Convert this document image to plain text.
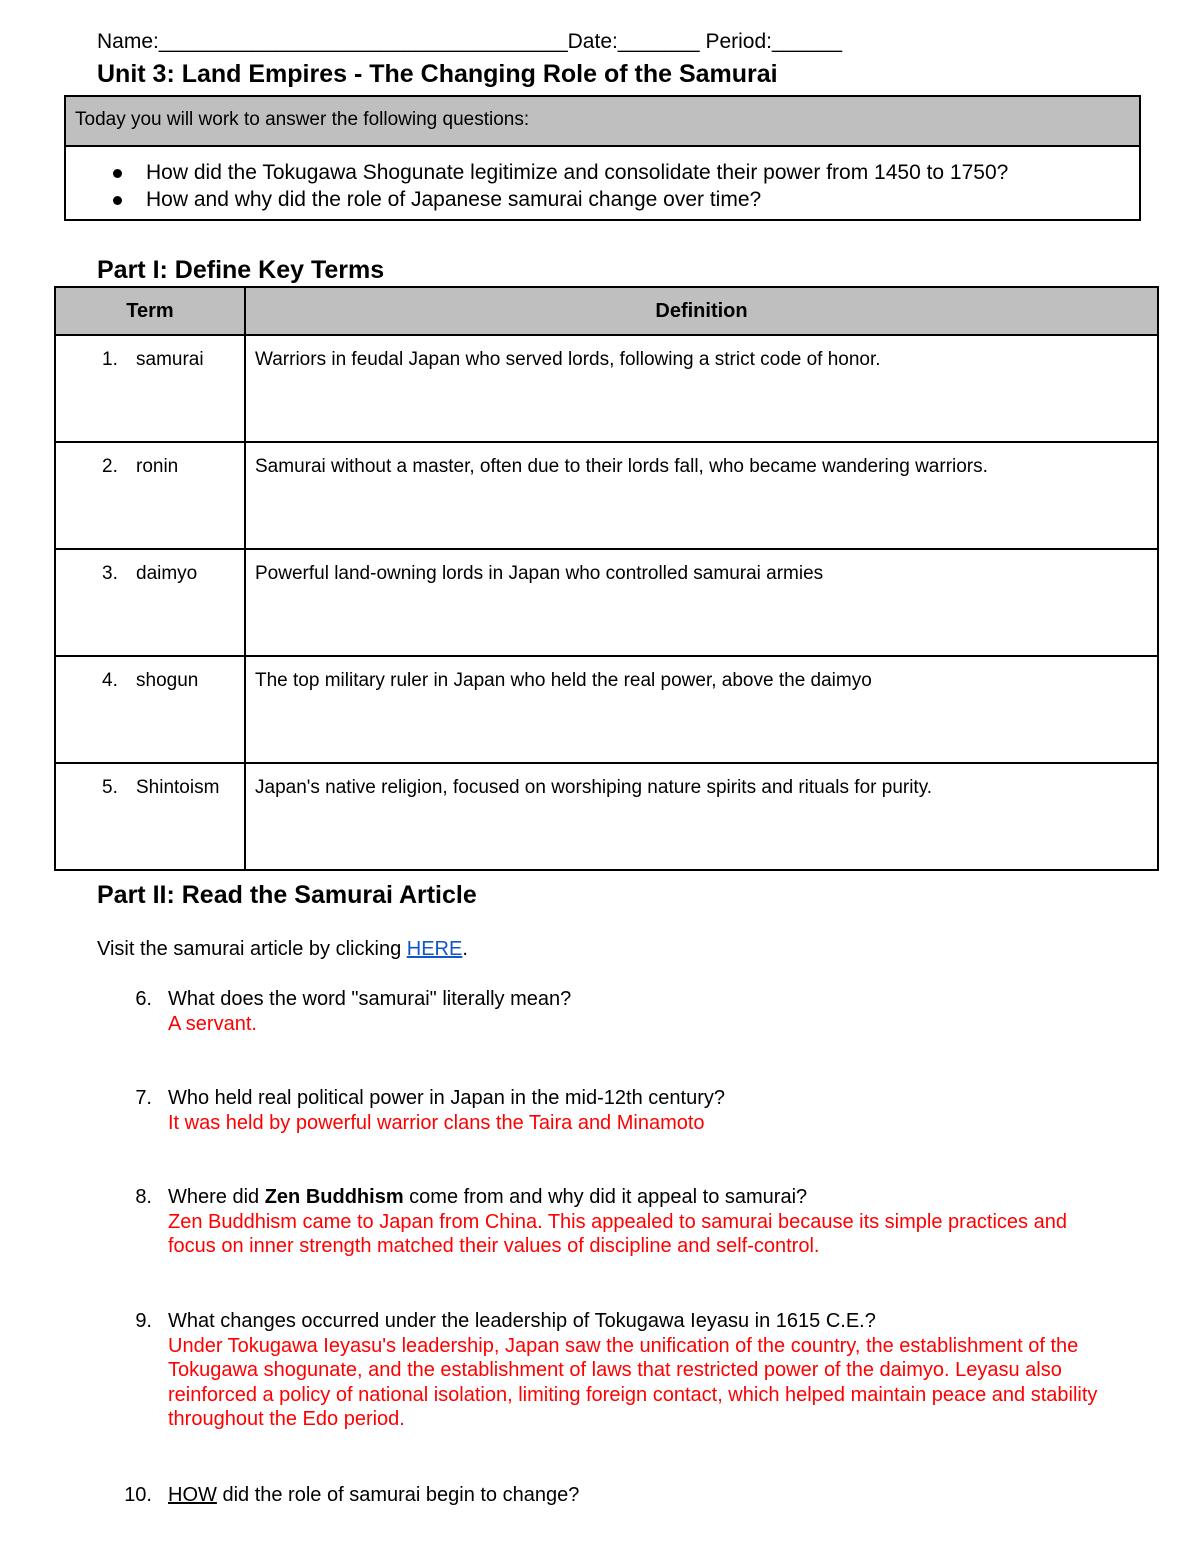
Name:___________________________________Date:_______ Period:______
Unit 3: Land Empires - The Changing Role of the Samurai
Today you will work to answer the following questions:
How did the Tokugawa Shogunate legitimize and consolidate their power from 1450 to 1750?
How and why did the role of Japanese samurai change over time?
Part I: Define Key Terms
Term	Definition

1. samurai	Warriors in feudal Japan who served lords, following a strict code of honor.

2. ronin	Samurai without a master, often due to their lords fall, who became wandering warriors.

3. daimyo	Powerful land-owning lords in Japan who controlled samurai armies

4. shogun	The top military ruler in Japan who held the real power, above the daimyo

5. Shintoism	Japan's native religion, focused on worshiping nature spirits and rituals for purity.
Part II: Read the Samurai Article
Visit the samurai article by clicking HERE.
6. What does the word "samurai" literally mean?
A servant.
7. Who held real political power in Japan in the mid-12th century?
It was held by powerful warrior clans the Taira and Minamoto
8. Where did Zen Buddhism come from and why did it appeal to samurai?
Zen Buddhism came to Japan from China. This appealed to samurai because its simple practices and focus on inner strength matched their values of discipline and self-control.
9. What changes occurred under the leadership of Tokugawa Ieyasu in 1615 C.E.?
Under Tokugawa Ieyasu's leadership, Japan saw the unification of the country, the establishment of the Tokugawa shogunate, and the establishment of laws that restricted power of the daimyo. Leyasu also reinforced a policy of national isolation, limiting foreign contact, which helped maintain peace and stability throughout the Edo period.
10. HOW did the role of samurai begin to change?
